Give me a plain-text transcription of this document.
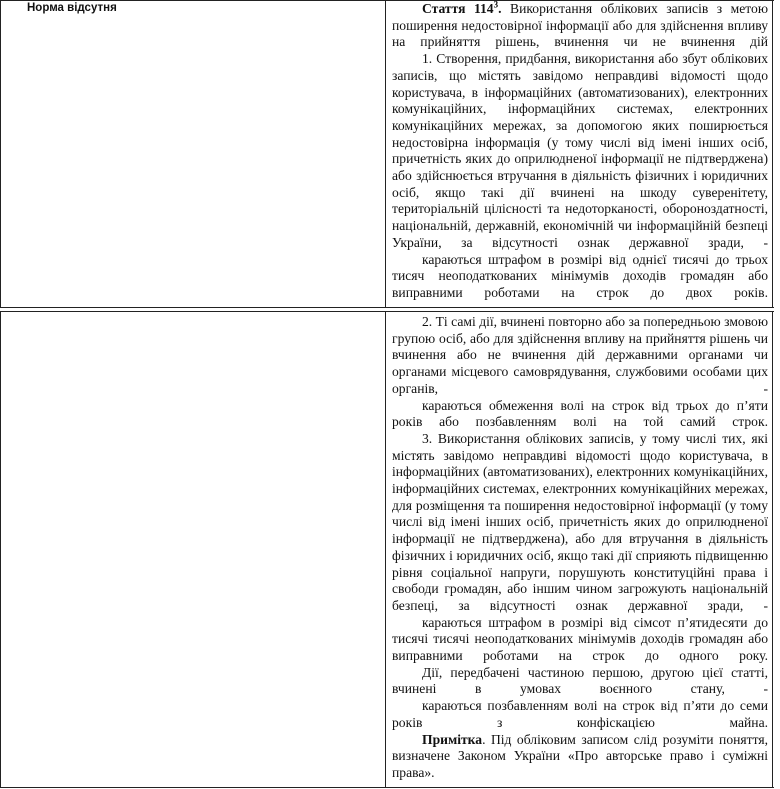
Норма відсутня	Стаття $114^3$. Використання облікових записів з метою поширення недостовірної інформації або для здійснення впливу на прийняття рішень, вчинення чи не вчинення дій

1. Створення, придбання, використання або збут облікових записів, що містять завідомо неправдиві відомості щодо користувача, в інформаційних (автоматизованих), електронних комунікаційних, інформаційних системах, електронних комунікаційних мережах, за допомогою яких поширюється недостовірна інформація (у тому числі від імені інших осіб, причетність яких до оприлюдненої інформації не підтверджена) або здійснюється втручання в діяльність фізичних і юридичних осіб, якщо такі дії вчинені на шкоду суверенітету, територіальній цілісності та недоторканості, обороноздатності, національній, державній, економічній чи інформаційній безпеці України, за відсутності ознак державної зради, -

караються штрафом в розмірі від однієї тисячі до трьох тисяч неоподаткованих мінімумів доходів громадян або виправними роботами на строк до двох років.

2. Ті самі дії, вчинені повторно або за попередньою змовою групою осіб, або для здійснення впливу на прийняття рішень чи вчинення або не вчинення дій державними органами чи органами місцевого самоврядування, службовими особами цих органів, -

караються обмеження волі на строк від трьох до п’яти років або позбавленням волі на той самий строк.

3. Використання облікових записів, у тому числі тих, які містять завідомо неправдиві відомості щодо користувача, в інформаційних (автоматизованих), електронних комунікаційних, інформаційних системах, електронних комунікаційних мережах, для розміщення та поширення недостовірної інформації (у тому числі від імені інших осіб, причетність яких до оприлюдненої інформації не підтверджена), або для втручання в діяльність фізичних і юридичних осіб, якщо такі дії сприяють підвищенню рівня соціальної напруги, порушують конституційні права і свободи громадян, або іншим чином загрожують національній безпеці, за відсутності ознак державної зради, -

караються штрафом в розмірі від сімсот п’ятидесяти до тисячі тисячі неоподаткованих мінімумів доходів громадян або виправними роботами на строк до одного року.

Дії, передбачені частиною першою, другою цієї статті, вчинені в умовах воєнного стану, -

караються позбавленням волі на строк від п’яти до семи років з конфіскацією майна.

Примітка. Під обліковим записом слід розуміти поняття, визначене Законом України «Про авторське право і суміжні права».
